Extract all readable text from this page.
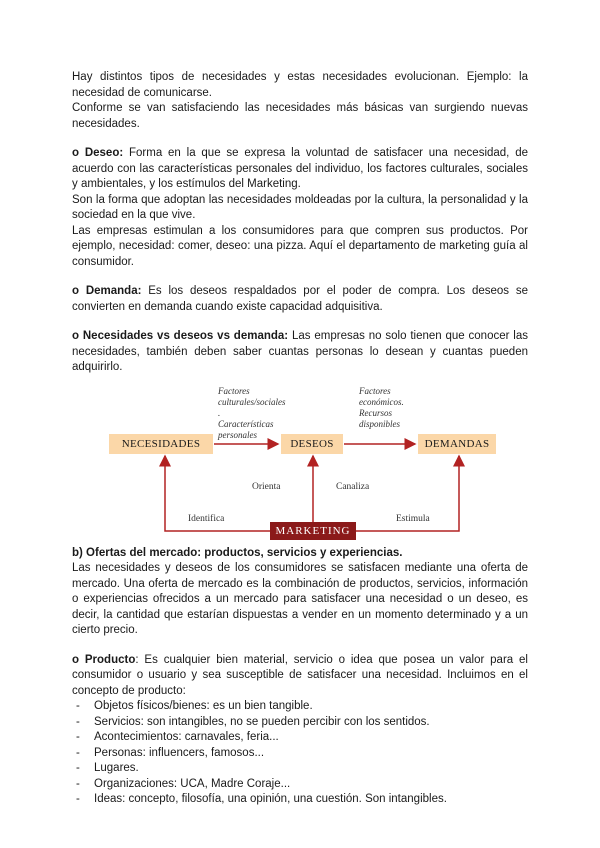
Hay distintos tipos de necesidades y estas necesidades evolucionan. Ejemplo: la necesidad de comunicarse.

Conforme se van satisfaciendo las necesidades más básicas van surgiendo nuevas necesidades.

o Deseo: Forma en la que se expresa la voluntad de satisfacer una necesidad, de acuerdo con las características personales del individuo, los factores culturales, sociales y ambientales, y los estímulos del Marketing.

Son la forma que adoptan las necesidades moldeadas por la cultura, la personalidad y la sociedad en la que vive.

Las empresas estimulan a los consumidores para que compren sus productos. Por ejemplo, necesidad: comer, deseo: una pizza. Aquí el departamento de marketing guía al consumidor.

o Demanda: Es los deseos respaldados por el poder de compra. Los deseos se convierten en demanda cuando existe capacidad adquisitiva.

o Necesidades vs deseos vs demanda: Las empresas no solo tienen que conocer las necesidades, también deben saber cuantas personas lo desean y cuantas pueden adquirirlo.

Factores
culturales/sociales
.
Características
personales
Factores
económicos.
Recursos
disponibles
NECESIDADES	DESEOS	DEMANDAS
Orienta	Canaliza
Identifica	Estimula
MARKETING

b) Ofertas del mercado: productos, servicios y experiencias.

Las necesidades y deseos de los consumidores se satisfacen mediante una oferta de mercado. Una oferta de mercado es la combinación de productos, servicios, información o experiencias ofrecidos a un mercado para satisfacer una necesidad o un deseo, es decir, la cantidad que estarían dispuestas a vender en un momento determinado y a un cierto precio.

o Producto: Es cualquier bien material, servicio o idea que posea un valor para el consumidor o usuario y sea susceptible de satisfacer una necesidad. Incluimos en el concepto de producto:

- Objetos físicos/bienes: es un bien tangible.
- Servicios: son intangibles, no se pueden percibir con los sentidos.
- Acontecimientos: carnavales, feria...
- Personas: influencers, famosos...
- Lugares.
- Organizaciones: UCA, Madre Coraje...
- Ideas: concepto, filosofía, una opinión, una cuestión. Son intangibles.
